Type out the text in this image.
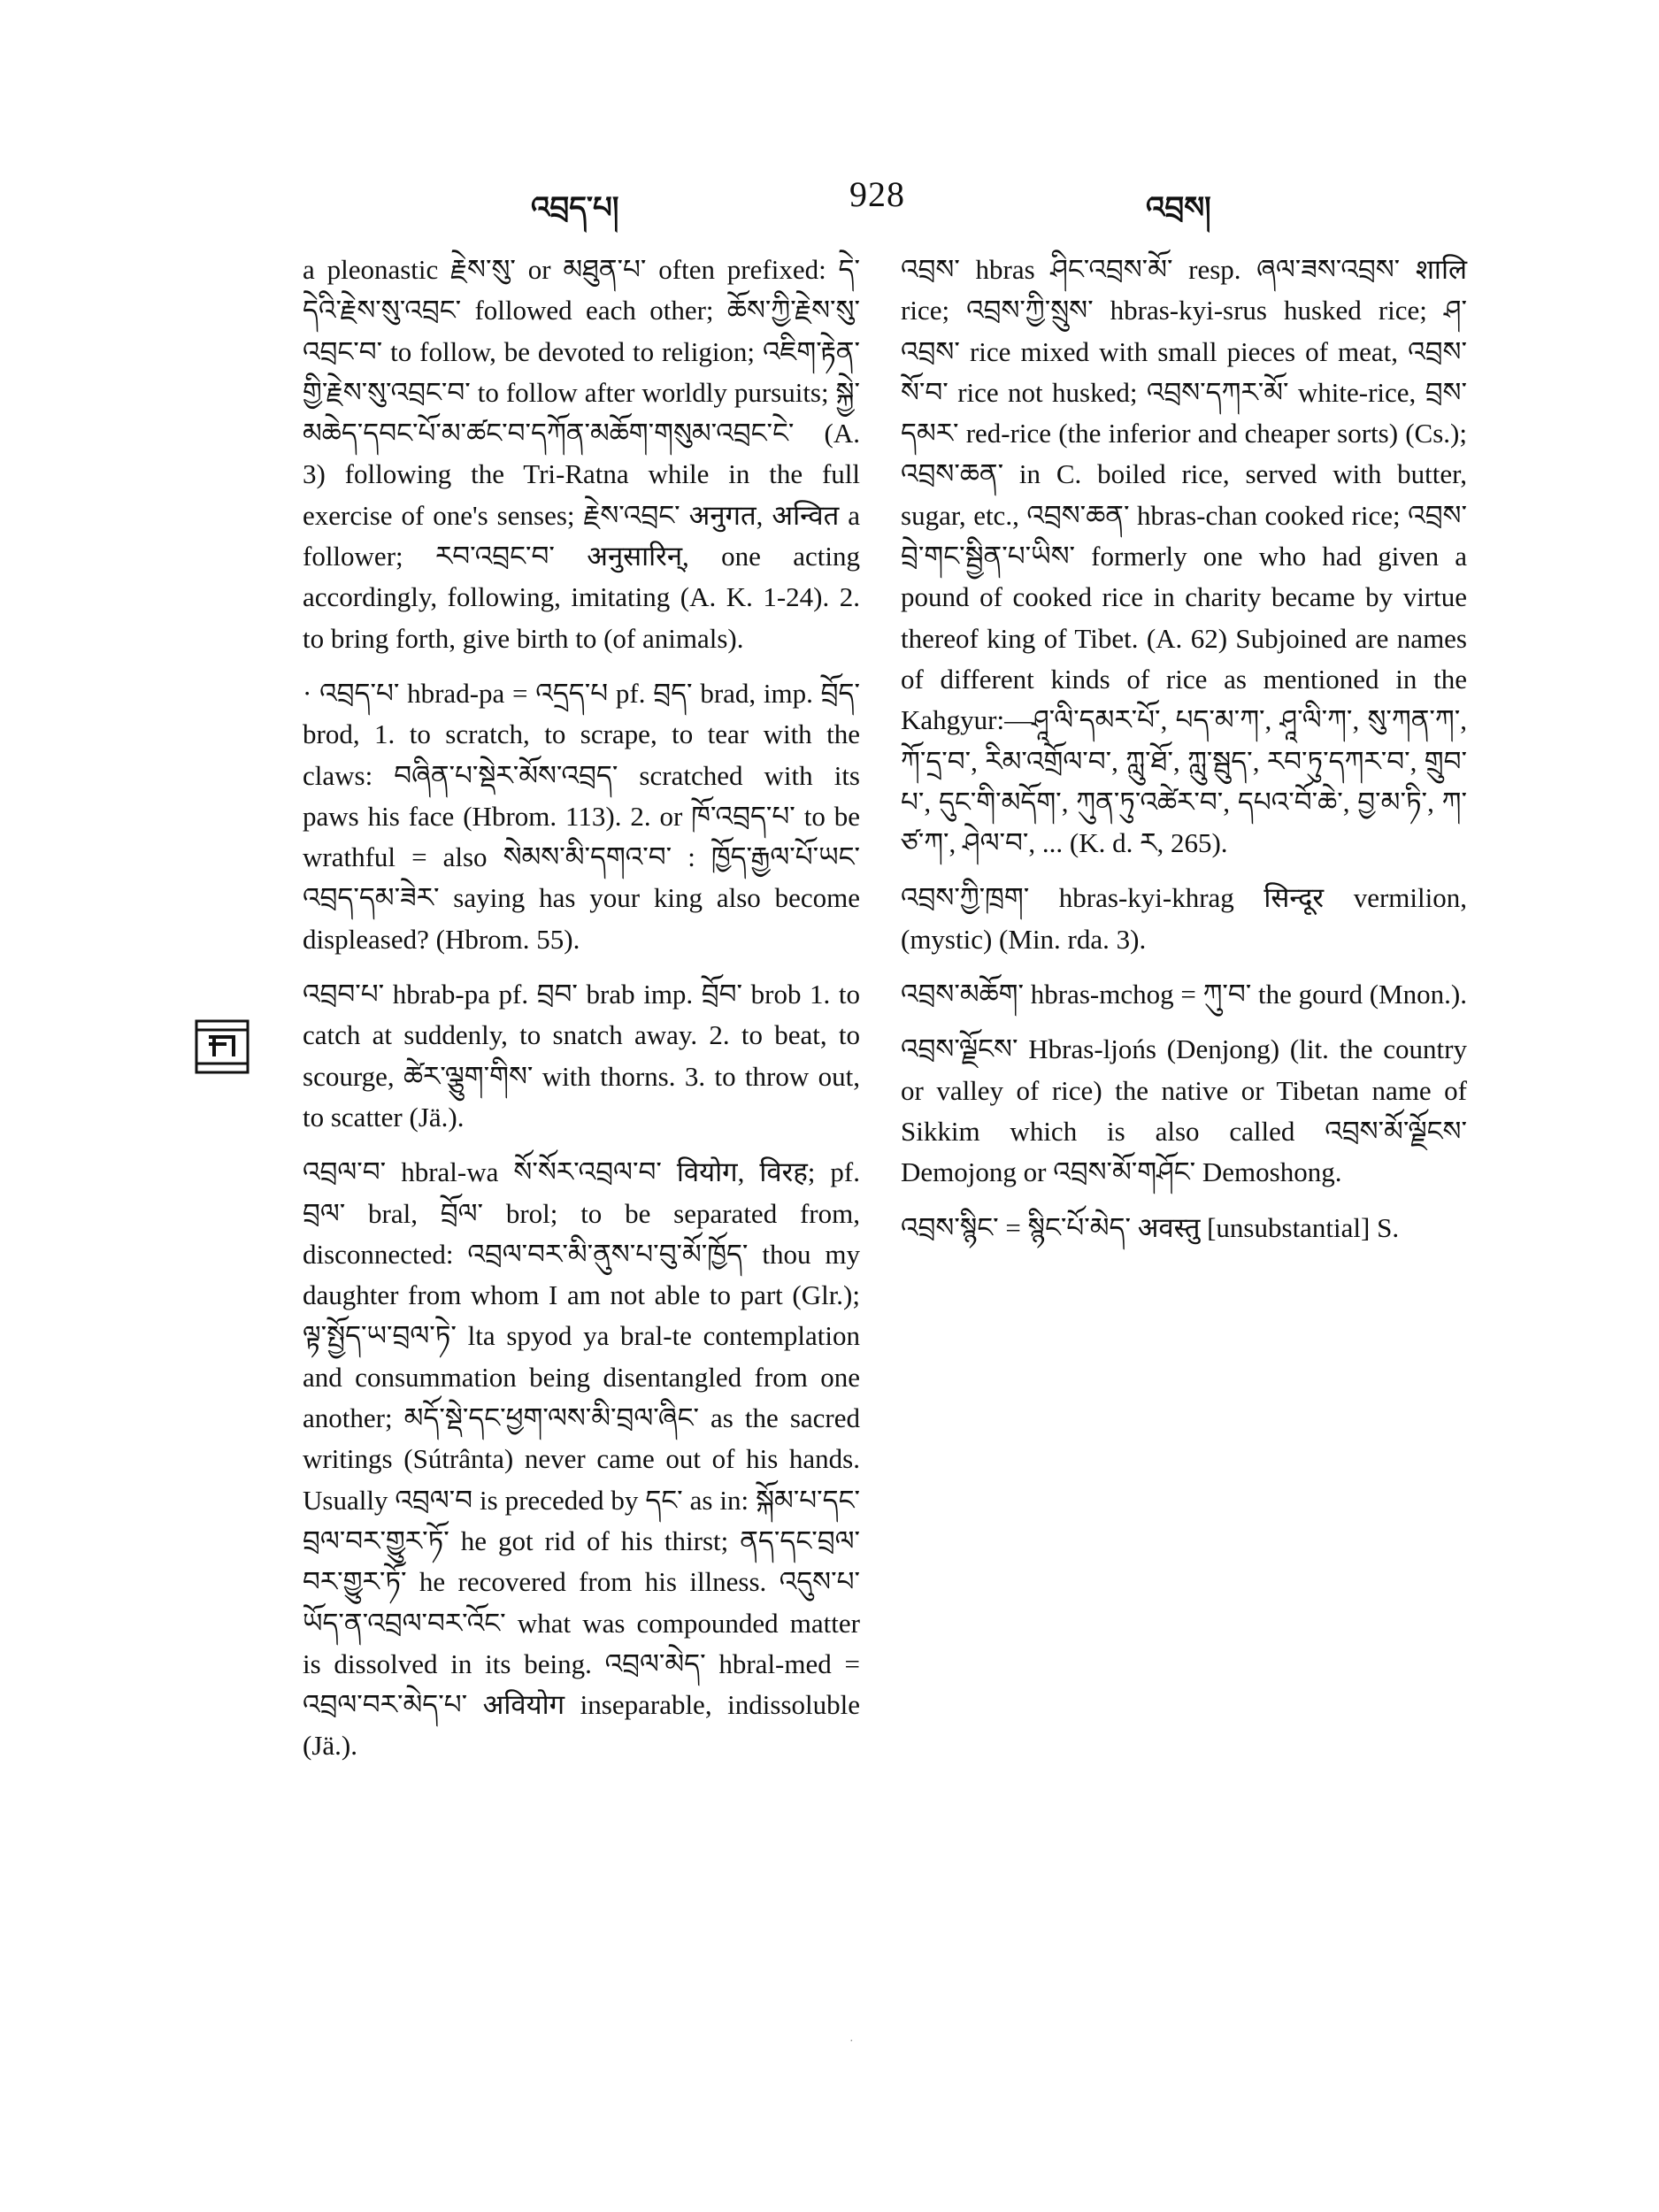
འབྲད་པ།	928	འབྲས།

a pleonastic རྗེས་སུ་ or མཐུན་པ་ often prefixed: དེ་དེའི་རྗེས་སུ་འབྲང་ followed each other; ཆོས་ཀྱི་རྗེས་སུ་འབྲང་བ་ to follow, be devoted to religion; འཇིག་རྟེན་གྱི་རྗེས་སུ་འབྲང་བ་ to follow after worldly pursuits; སྐྱེ་མཆེད་དབང་པོ་མ་ཚང་བ་དཀོན་མཆོག་གསུམ་འབྲང་ངེ་ (A. 3) following the Tri-Ratna while in the full exercise of one's senses; རྗེས་འབྲང་ अनुगत, अन्वित a follower; རབ་འབྲང་བ་ अनुसारिन्, one acting accordingly, following, imitating (A. K. 1-24). 2. to bring forth, give birth to (of animals).

· འབྲད་པ་ hbrad-pa = འདྲད་པ pf. བྲད་ brad, imp. བྲོད་ brod, 1. to scratch, to scrape, to tear with the claws: བཞིན་པ་སྡེར་མོས་འབྲད་ scratched with its paws his face (Hbrom. 113). 2. or ཁོ་འབྲད་པ་ to be wrathful = also སེམས་མི་དགའ་བ་ : ཁྱོད་རྒྱལ་པོ་ཡང་འབྲད་དམ་ཟེར་ saying has your king also become displeased? (Hbrom. 55).

འབྲབ་པ་ hbrab-pa pf. བྲབ་ brab imp. བྲོབ་ brob 1. to catch at suddenly, to snatch away. 2. to beat, to scourge, ཚེར་ལྕུག་གིས་ with thorns. 3. to throw out, to scatter (Jä.).

འབྲལ་བ་ hbral-wa སོ་སོར་འབྲལ་བ་ वियोग, विरह; pf. བྲལ་ bral, བྲོལ་ brol; to be separated from, disconnected: འབྲལ་བར་མི་ནུས་པ་བུ་མོ་ཁྱོད་ thou my daughter from whom I am not able to part (Glr.); ལྟ་སྤྱོད་ཡ་བྲལ་ཏེ་ lta spyod ya bral-te contemplation and consummation being disentangled from one another; མདོ་སྡེ་དང་ཕྱག་ལས་མི་བྲལ་ཞིང་ as the sacred writings (Sútrânta) never came out of his hands. Usually འབྲལ་བ is preceded by དང་ as in: སྐོམ་པ་དང་བྲལ་བར་གྱུར་ཏོ་ he got rid of his thirst; ནད་དང་བྲལ་བར་གྱུར་ཏོ་ he recovered from his illness. འདུས་པ་ཡོད་ན་འབྲལ་བར་འོང་ what was compounded matter is dissolved in its being. འབྲལ་མེད་ hbral-med = འབྲལ་བར་མེད་པ་ अवियोग inseparable, indissoluble (Jä.).

འབྲས་ hbras ཤིང་འབྲས་མོ་ resp. ཞལ་ཟས་འབྲས་ शालि rice; འབྲས་ཀྱི་སྲུས་ hbras-kyi-srus husked rice; ཤ་འབྲས་ rice mixed with small pieces of meat, འབྲས་སོ་བ་ rice not husked; འབྲས་དཀར་མོ་ white-rice, བྲས་དམར་ red-rice (the inferior and cheaper sorts) (Cs.); འབྲས་ཆན་ in C. boiled rice, served with butter, sugar, etc., འབྲས་ཆན་ hbras-chan cooked rice; འབྲས་བྲེ་གང་སྦྱིན་པ་ཡིས་ formerly one who had given a pound of cooked rice in charity became by virtue thereof king of Tibet. (A. 62) Subjoined are names of different kinds of rice as mentioned in the Kahgyur:—ཤཱ་ལི་དམར་པོ་, པད་མ་ཀ་, ཤཱ་ལི་ཀ་, སུ་ཀན་ཀ་, ཀོ་དྲ་བ་, རིམ་འགྲོལ་བ་, ཀླུ་ཐོ་, ཀླུ་སྦུད་, རབ་ཏུ་དཀར་བ་, གྲུབ་པ་, དུང་གི་མདོག་, ཀུན་ཏུ་འཚེར་བ་, དཔའ་བོ་ཆེ་, བྱ་མ་ཏི་, ཀ་ཙ་ཀ་, ཤེལ་བ་, ... (K. d. ར, 265).

འབྲས་ཀྱི་ཁྲག་ hbras-kyi-khrag सिन्दूर vermilion, (mystic) (Min. rda. 3).

འབྲས་མཆོག་ hbras-mchog = ཀུ་བ་ the gourd (Mnon.).

འབྲས་ལྗོངས་ Hbras-ljońs (Denjong) (lit. the country or valley of rice) the native or Tibetan name of Sikkim which is also called འབྲས་མོ་ལྗོངས་ Demojong or འབྲས་མོ་གཤོང་ Demoshong.

འབྲས་སྙིང་ = སྙིང་པོ་མེད་ अवस्तु [unsubstantial] S.

·
